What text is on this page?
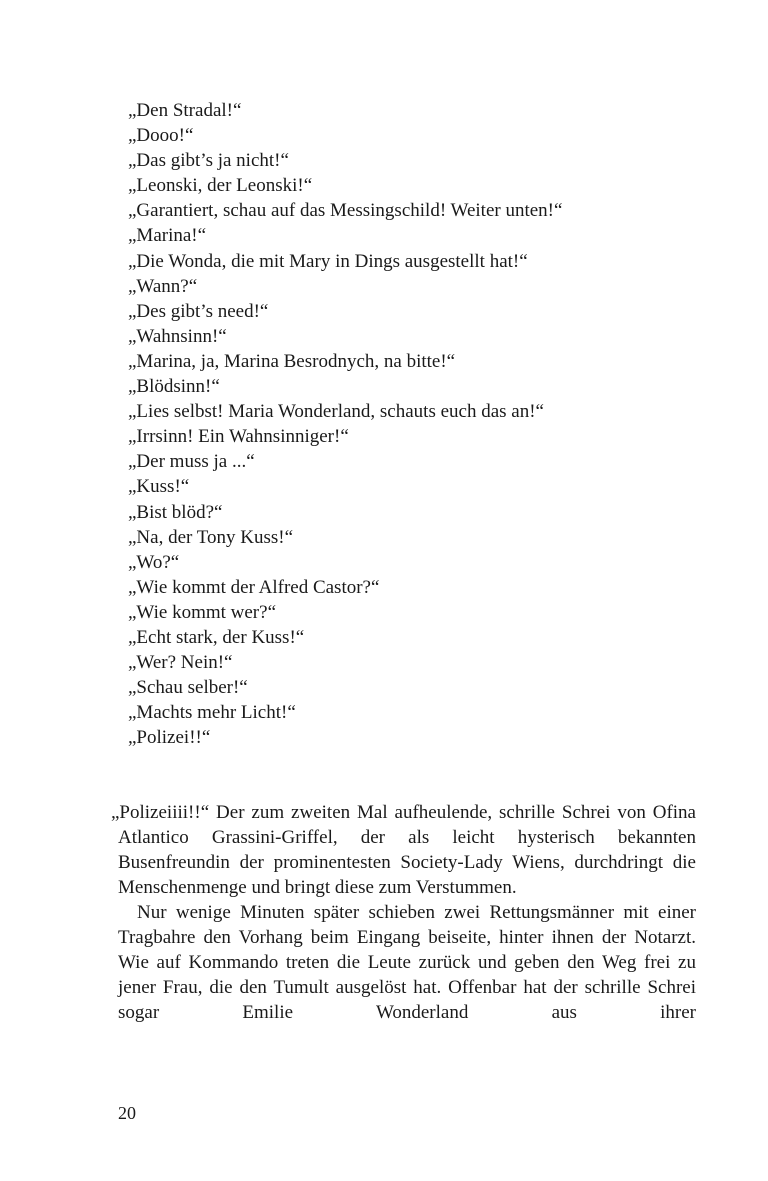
„Den Stradal!“
„Dooo!“
„Das gibt’s ja nicht!“
„Leonski, der Leonski!“
„Garantiert, schau auf das Messingschild! Weiter unten!“
„Marina!“
„Die Wonda, die mit Mary in Dings ausgestellt hat!“
„Wann?“
„Des gibt’s need!“
„Wahnsinn!“
„Marina, ja, Marina Besrodnych, na bitte!“
„Blödsinn!“
„Lies selbst! Maria Wonderland, schauts euch das an!“
„Irrsinn! Ein Wahnsinniger!“
„Der muss ja ...“
„Kuss!“
„Bist blöd?“
„Na, der Tony Kuss!“
„Wo?“
„Wie kommt der Alfred Castor?“
„Wie kommt wer?“
„Echt stark, der Kuss!“
„Wer? Nein!“
„Schau selber!“
„Machts mehr Licht!“
„Polizei!!“

„Polizeiiii!!“ Der zum zweiten Mal aufheulende, schrille Schrei von Ofina Atlantico Grassini-Griffel, der als leicht hysterisch bekannten Busenfreundin der prominentesten Society-Lady Wiens, durchdringt die Menschenmenge und bringt diese zum Verstummen.

Nur wenige Minuten später schieben zwei Rettungsmänner mit einer Tragbahre den Vorhang beim Eingang beiseite, hinter ihnen der Notarzt. Wie auf Kommando treten die Leute zurück und geben den Weg frei zu jener Frau, die den Tumult ausgelöst hat. Offenbar hat der schrille Schrei sogar Emilie Wonderland aus ihrer

20
